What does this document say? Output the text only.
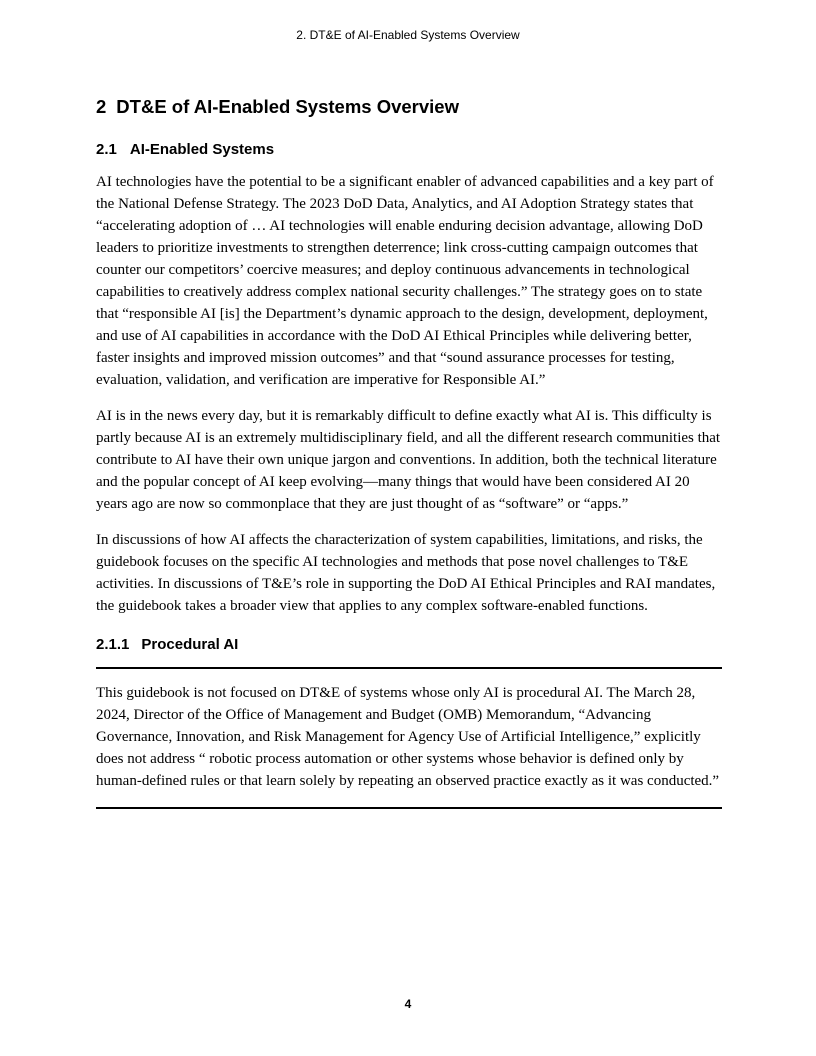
2. DT&E of AI-Enabled Systems Overview
2 DT&E of AI-Enabled Systems Overview
2.1 AI-Enabled Systems

AI technologies have the potential to be a significant enabler of advanced capabilities and a key part of the National Defense Strategy. The 2023 DoD Data, Analytics, and AI Adoption Strategy states that “accelerating adoption of … AI technologies will enable enduring decision advantage, allowing DoD leaders to prioritize investments to strengthen deterrence; link cross-cutting campaign outcomes that counter our competitors’ coercive measures; and deploy continuous advancements in technological capabilities to creatively address complex national security challenges.” The strategy goes on to state that “responsible AI [is] the Department’s dynamic approach to the design, development, deployment, and use of AI capabilities in accordance with the DoD AI Ethical Principles while delivering better, faster insights and improved mission outcomes” and that “sound assurance processes for testing, evaluation, validation, and verification are imperative for Responsible AI.”

AI is in the news every day, but it is remarkably difficult to define exactly what AI is. This difficulty is partly because AI is an extremely multidisciplinary field, and all the different research communities that contribute to AI have their own unique jargon and conventions. In addition, both the technical literature and the popular concept of AI keep evolving—many things that would have been considered AI 20 years ago are now so commonplace that they are just thought of as “software” or “apps.”

In discussions of how AI affects the characterization of system capabilities, limitations, and risks, the guidebook focuses on the specific AI technologies and methods that pose novel challenges to T&E activities. In discussions of T&E’s role in supporting the DoD AI Ethical Principles and RAI mandates, the guidebook takes a broader view that applies to any complex software-enabled functions.

2.1.1 Procedural AI

This guidebook is not focused on DT&E of systems whose only AI is procedural AI. The March 28, 2024, Director of the Office of Management and Budget (OMB) Memorandum, “Advancing Governance, Innovation, and Risk Management for Agency Use of Artificial Intelligence,” explicitly does not address “ robotic process automation or other systems whose behavior is defined only by human-defined rules or that learn solely by repeating an observed practice exactly as it was conducted.”

4
